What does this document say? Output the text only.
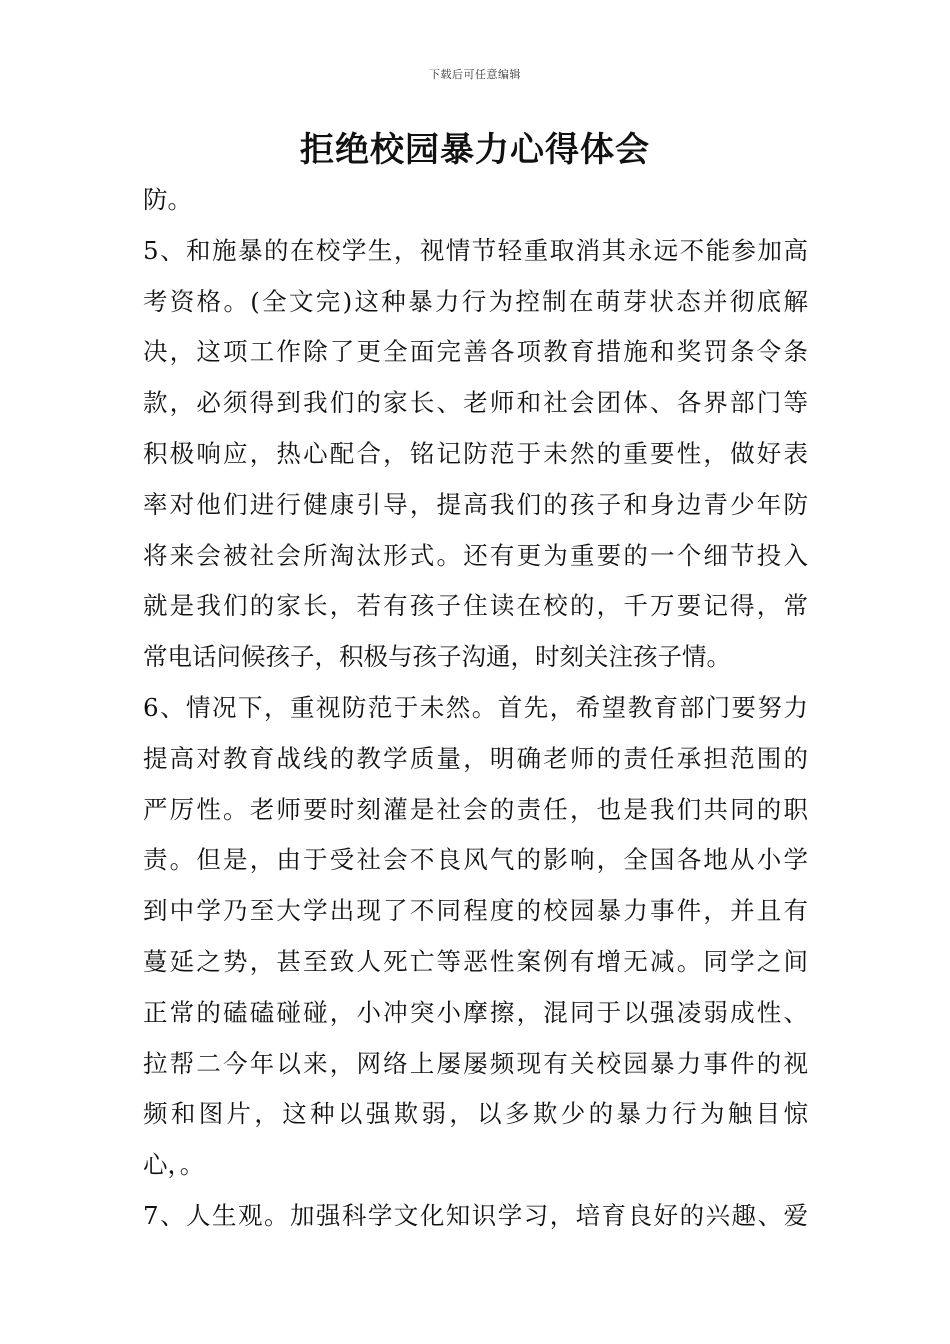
下载后可任意编辑
拒绝校园暴力心得体会
防。
5、和施暴的在校学生，视情节轻重取消其永远不能参加高
考资格。(全文完)这种暴力行为控制在萌芽状态并彻底解
决，这项工作除了更全面完善各项教育措施和奖罚条令条
款，必须得到我们的家长、老师和社会团体、各界部门等
积极响应，热心配合，铭记防范于未然的重要性，做好表
率对他们进行健康引导，提高我们的孩子和身边青少年防
将来会被社会所淘汰形式。还有更为重要的一个细节投入
就是我们的家长，若有孩子住读在校的，千万要记得，常
常电话问候孩子，积极与孩子沟通，时刻关注孩子情。
6、情况下，重视防范于未然。首先，希望教育部门要努力
提高对教育战线的教学质量，明确老师的责任承担范围的
严厉性。老师要时刻灌是社会的责任，也是我们共同的职
责。但是，由于受社会不良风气的影响，全国各地从小学
到中学乃至大学出现了不同程度的校园暴力事件，并且有
蔓延之势，甚至致人死亡等恶性案例有增无减。同学之间
正常的磕磕碰碰，小冲突小摩擦，混同于以强凌弱成性、
拉帮二今年以来，网络上屡屡频现有关校园暴力事件的视
频和图片，这种以强欺弱，以多欺少的暴力行为触目惊
心，。
7、人生观。加强科学文化知识学习，培育良好的兴趣、爱
